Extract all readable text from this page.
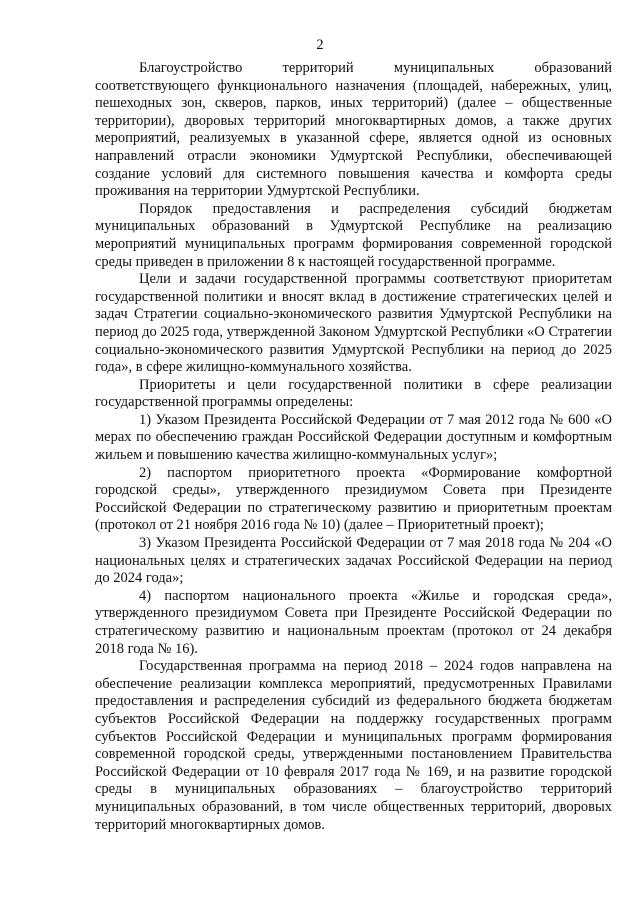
2

Благоустройство территорий муниципальных образований соответствующего функционального назначения (площадей, набережных, улиц, пешеходных зон, скверов, парков, иных территорий) (далее – общественные территории), дворовых территорий многоквартирных домов, а также других мероприятий, реализуемых в указанной сфере, является одной из основных направлений отрасли экономики Удмуртской Республики, обеспечивающей создание условий для системного повышения качества и комфорта среды проживания на территории Удмуртской Республики.

Порядок предоставления и распределения субсидий бюджетам муниципальных образований в Удмуртской Республике на реализацию мероприятий муниципальных программ формирования современной городской среды приведен в приложении 8 к настоящей государственной программе.

Цели и задачи государственной программы соответствуют приоритетам государственной политики и вносят вклад в достижение стратегических целей и задач Стратегии социально-экономического развития Удмуртской Республики на период до 2025 года, утвержденной Законом Удмуртской Республики «О Стратегии социально-экономического развития Удмуртской Республики на период до 2025 года», в сфере жилищно-коммунального хозяйства.

Приоритеты и цели государственной политики в сфере реализации государственной программы определены:

1) Указом Президента Российской Федерации от 7 мая 2012 года № 600 «О мерах по обеспечению граждан Российской Федерации доступным и комфортным жильем и повышению качества жилищно-коммунальных услуг»;

2) паспортом приоритетного проекта «Формирование комфортной городской среды», утвержденного президиумом Совета при Президенте Российской Федерации по стратегическому развитию и приоритетным проектам (протокол от 21 ноября 2016 года № 10) (далее – Приоритетный проект);

3) Указом Президента Российской Федерации от 7 мая 2018 года № 204 «О национальных целях и стратегических задачах Российской Федерации на период до 2024 года»;

4) паспортом национального проекта «Жилье и городская среда», утвержденного президиумом Совета при Президенте Российской Федерации по стратегическому развитию и национальным проектам (протокол от 24 декабря 2018 года № 16).

Государственная программа на период 2018 – 2024 годов направлена на обеспечение реализации комплекса мероприятий, предусмотренных Правилами предоставления и распределения субсидий из федерального бюджета бюджетам субъектов Российской Федерации на поддержку государственных программ субъектов Российской Федерации и муниципальных программ формирования современной городской среды, утвержденными постановлением Правительства Российской Федерации от 10 февраля 2017 года № 169, и на развитие городской среды в муниципальных образованиях – благоустройство территорий муниципальных образований, в том числе общественных территорий, дворовых территорий многоквартирных домов.
